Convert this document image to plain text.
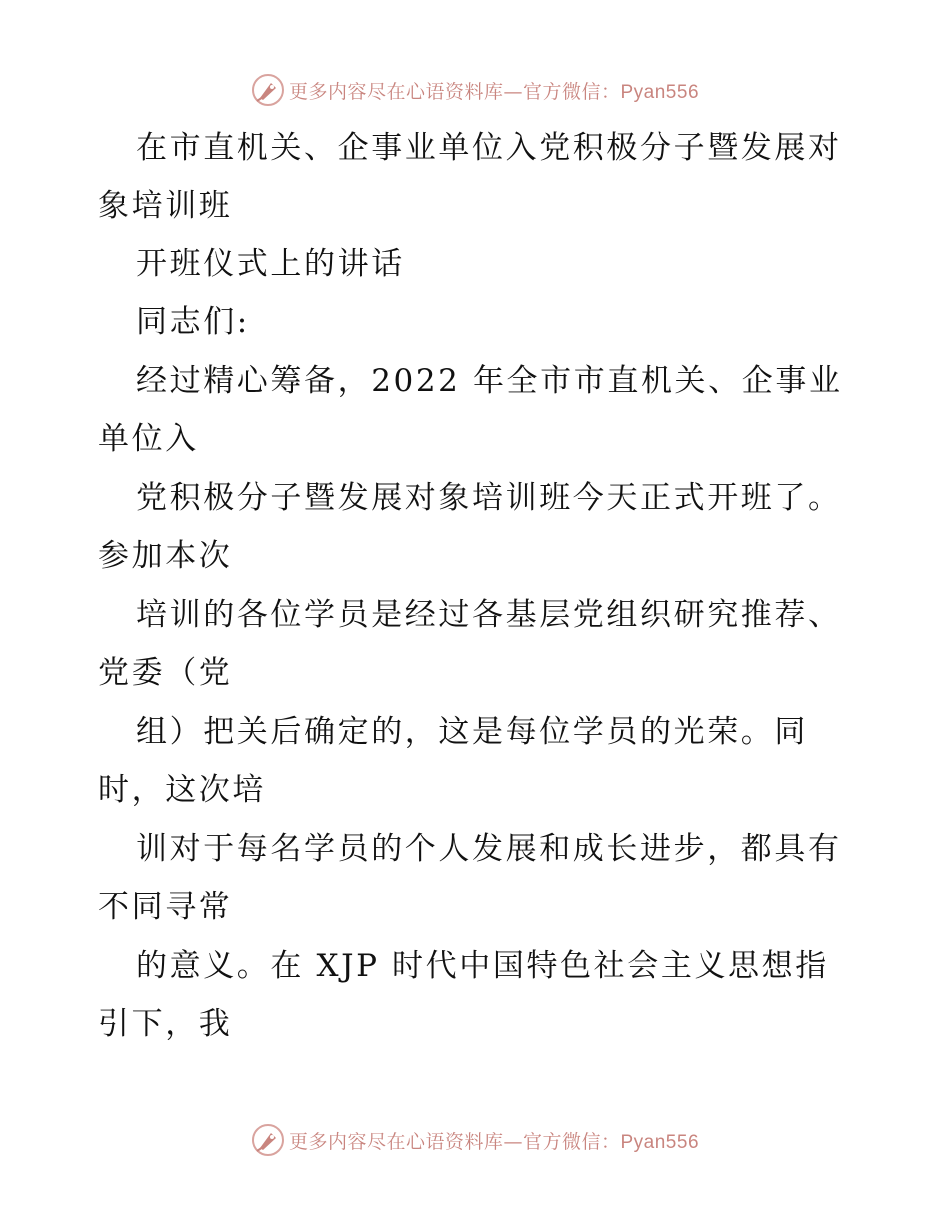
更多内容尽在心语资料库—官方微信：Pyan556
在市直机关、企事业单位入党积极分子暨发展对
象培训班
开班仪式上的讲话
同志们:
经过精心筹备，2022 年全市市直机关、企事业
单位入
党积极分子暨发展对象培训班今天正式开班了。
参加本次
培训的各位学员是经过各基层党组织研究推荐、
党委（党
组）把关后确定的，这是每位学员的光荣。同
时，这次培
训对于每名学员的个人发展和成长进步，都具有
不同寻常
的意义。在 XJP 时代中国特色社会主义思想指
引下，我
更多内容尽在心语资料库—官方微信：Pyan556
